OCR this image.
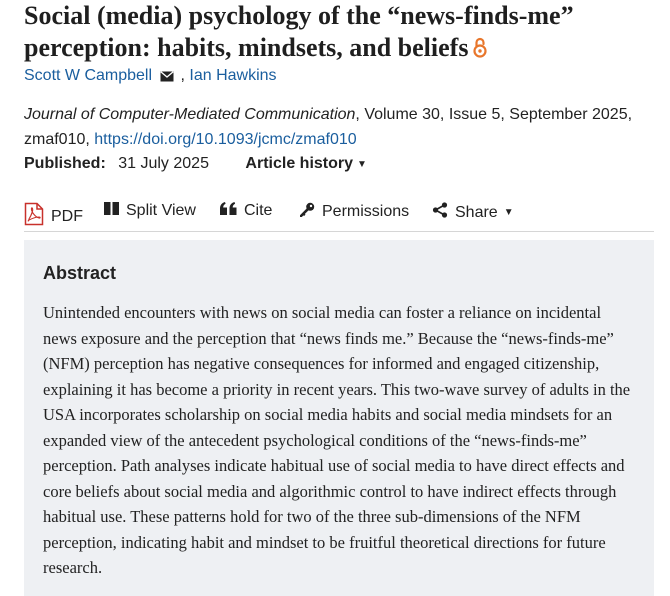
Social (media) psychology of the “news-finds-me” perception: habits, mindsets, and beliefs
Scott W Campbell , Ian Hawkins
Journal of Computer-Mediated Communication, Volume 30, Issue 5, September 2025, zmaf010, https://doi.org/10.1093/jcmc/zmaf010
Published: 31 July 2025 Article history ▼
PDF	Split View	Cite	Permissions	Share ▼
Abstract

Unintended encounters with news on social media can foster a reliance on incidental news exposure and the perception that “news finds me.” Because the “news-finds-me” (NFM) perception has negative consequences for informed and engaged citizenship, explaining it has become a priority in recent years. This two-wave survey of adults in the USA incorporates scholarship on social media habits and social media mindsets for an expanded view of the antecedent psychological conditions of the “news-finds-me” perception. Path analyses indicate habitual use of social media to have direct effects and core beliefs about social media and algorithmic control to have indirect effects through habitual use. These patterns hold for two of the three sub-dimensions of the NFM perception, indicating habit and mindset to be fruitful theoretical directions for future research.
